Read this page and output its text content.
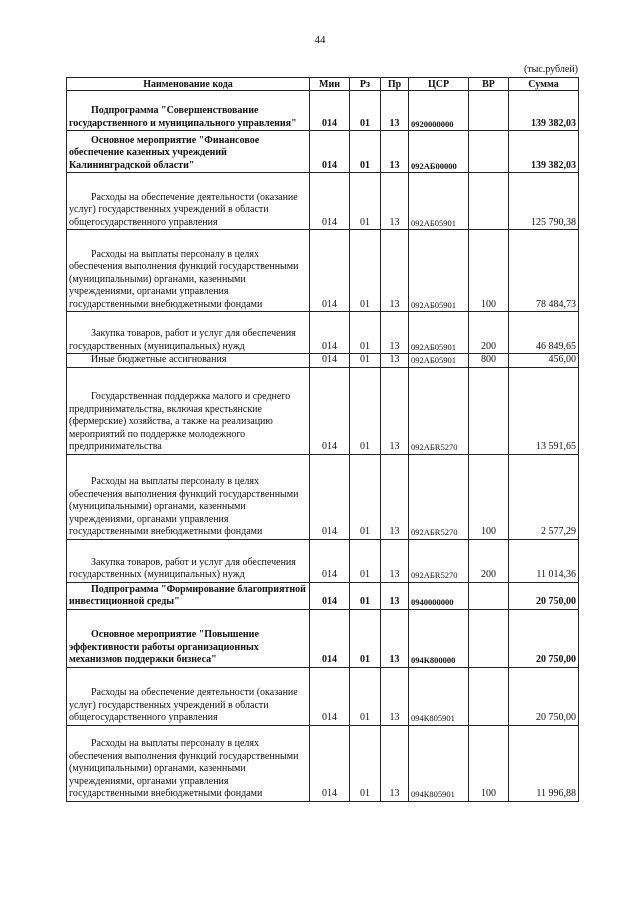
44
(тыс.рублей)
Наименование кода	Мин	Рз	Пр	ЦСР	ВР	Сумма
Подпрограмма "Совершенствование государственного и муниципального управления"	014	01	13	0920000000		139 382,03
Основное мероприятие "Финансовое обеспечение казенных учреждений Калининградской области"	014	01	13	092АБ00000		139 382,03
Расходы на обеспечение деятельности (оказание услуг) государственных учреждений в области общегосударственного управления	014	01	13	092АБ05901		125 790,38
Расходы на выплаты персоналу в целях обеспечения выполнения функций государственными (муниципальными) органами, казенными учреждениями, органами управления государственными внебюджетными фондами	014	01	13	092АБ05901	100	78 484,73
Закупка товаров, работ и услуг для обеспечения государственных (муниципальных) нужд	014	01	13	092АБ05901	200	46 849,65
Иные бюджетные ассигнования	014	01	13	092АБ05901	800	456,00
Государственная поддержка малого и среднего предпринимательства, включая крестьянские (фермерские) хозяйства, а также на реализацию мероприятий по поддержке молодежного предпринимательства	014	01	13	092АБR5270		13 591,65
Расходы на выплаты персоналу в целях обеспечения выполнения функций государственными (муниципальными) органами, казенными учреждениями, органами управления государственными внебюджетными фондами	014	01	13	092АБR5270	100	2 577,29
Закупка товаров, работ и услуг для обеспечения государственных (муниципальных) нужд	014	01	13	092АБR5270	200	11 014,36
Подпрограмма "Формирование благоприятной инвестиционной среды"	014	01	13	0940000000		20 750,00
Основное мероприятие "Повышение эффективности работы организационных механизмов поддержки бизнеса"	014	01	13	094К800000		20 750,00
Расходы на обеспечение деятельности (оказание услуг) государственных учреждений в области общегосударственного управления	014	01	13	094К805901		20 750,00
Расходы на выплаты персоналу в целях обеспечения выполнения функций государственными (муниципальными) органами, казенными учреждениями, органами управления государственными внебюджетными фондами	014	01	13	094К805901	100	11 996,88
